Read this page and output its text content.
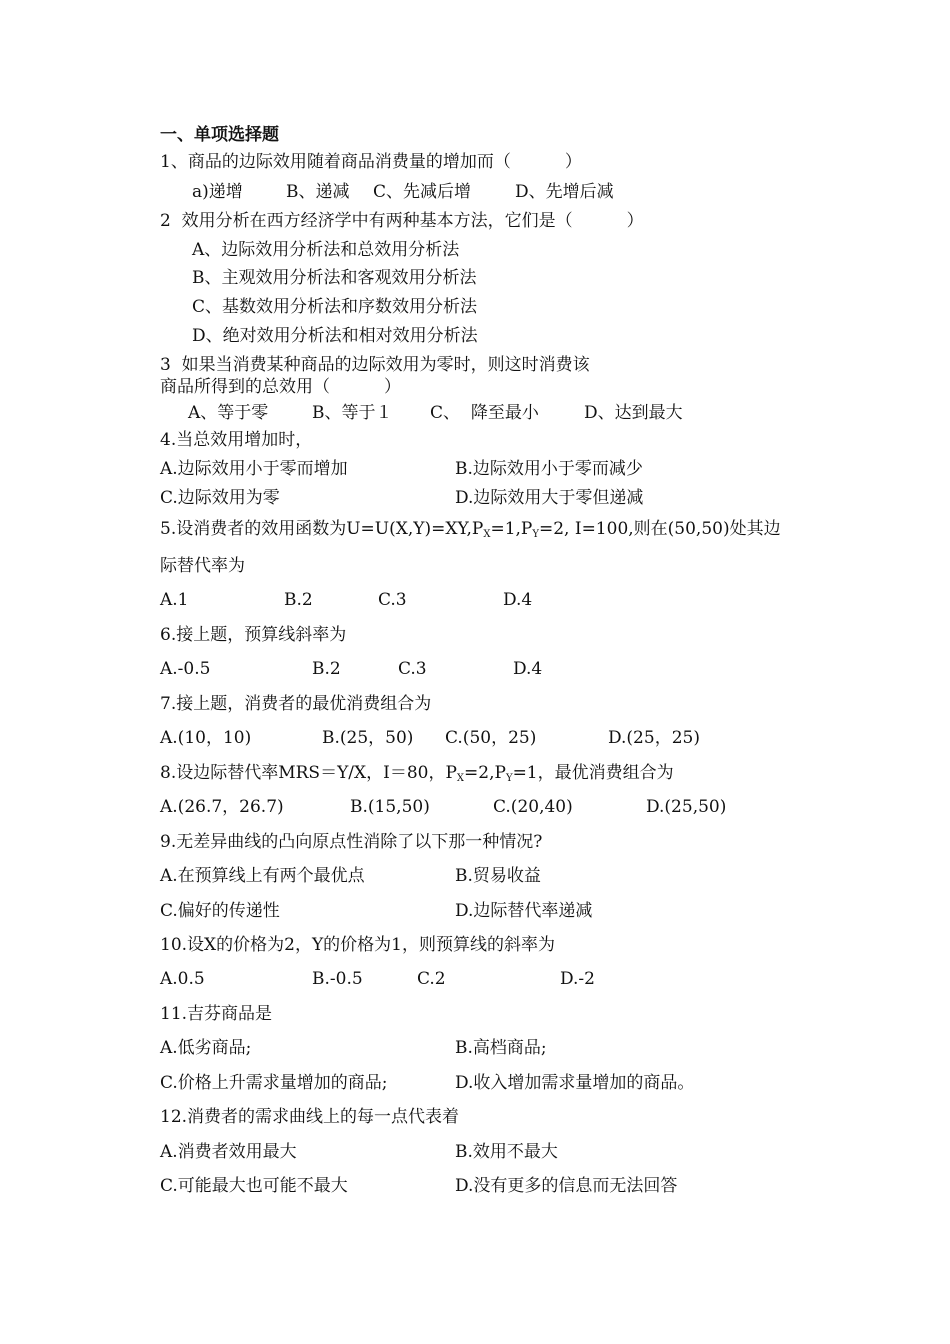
一、单项选择题
1、商品的边际效用随着商品消费量的增加而（          ）
a)递增	B、递减 C、先减后增	D、先增后减
2  效用分析在西方经济学中有两种基本方法，它们是（          ）
A、边际效用分析法和总效用分析法
B、主观效用分析法和客观效用分析法
C、基数效用分析法和序数效用分析法
D、绝对效用分析法和相对效用分析法
3  如果当消费某种商品的边际效用为零时，则这时消费该
商品所得到的总效用（          ）
A、等于零	B、等于１ C、  降至最小	D、达到最大
4.当总效用增加时，
A.边际效用小于零而增加	B.边际效用小于零而减少
C.边际效用为零	D.边际效用大于零但递减
5.设消费者的效用函数为$U=U(X,Y)=XY,P_X=1,P_Y=2$, I=100,则在(50,50)处其边
际替代率为
A.1	B.2	C.3	D.4
6.接上题，预算线斜率为
A.-0.5	B.2	C.3	D.4
7.接上题，消费者的最优消费组合为
A.(10，10)	B.(25，50) C.(50，25)	D.(25，25)
8.设边际替代率MRS＝Y/X，I＝80，$P_X=2,P_Y=1$，最优消费组合为
A.(26.7，26.7)	B.(15,50)	C.(20,40)	D.(25,50)
9.无差异曲线的凸向原点性消除了以下那一种情况?
A.在预算线上有两个最优点	B.贸易收益
C.偏好的传递性	D.边际替代率递减
10.设X的价格为2，Y的价格为1，则预算线的斜率为
A.0.5	B.-0.5	C.2	D.-2
11.吉芬商品是
A.低劣商品;	B.高档商品;
C.价格上升需求量增加的商品;	D.收入增加需求量增加的商品。
12.消费者的需求曲线上的每一点代表着
A.消费者效用最大	B.效用不最大
C.可能最大也可能不最大	D.没有更多的信息而无法回答
